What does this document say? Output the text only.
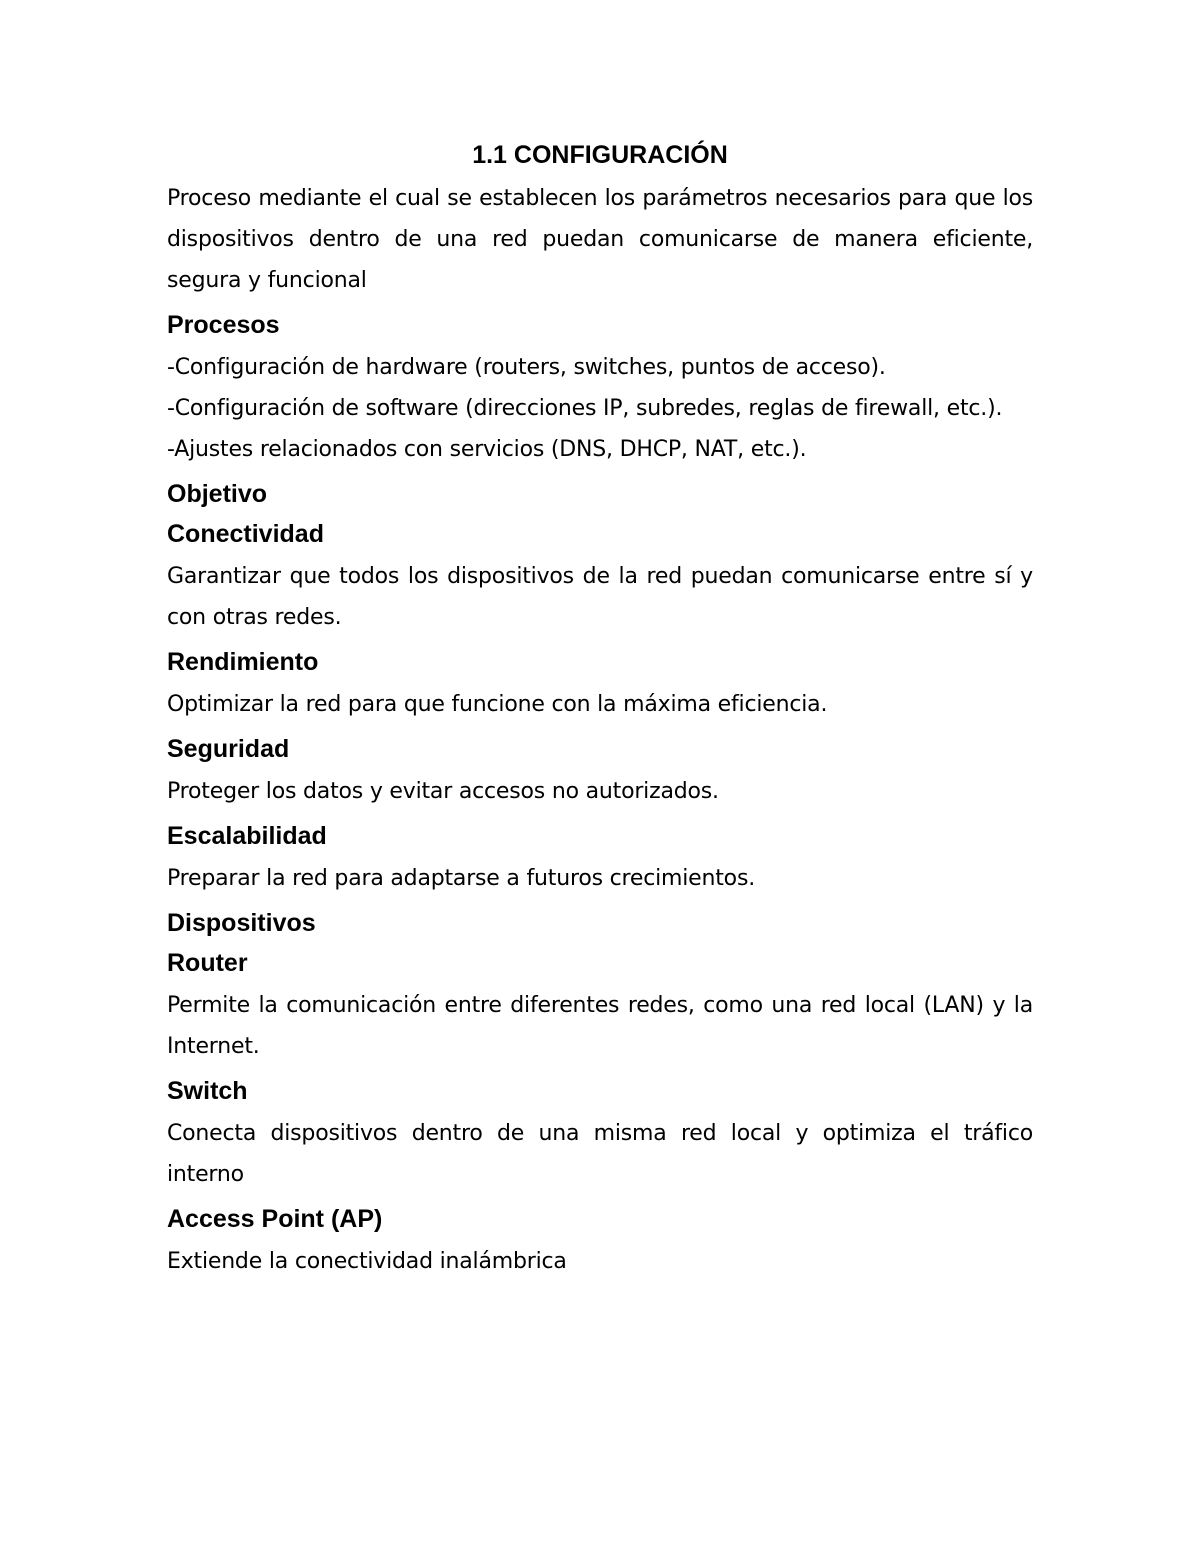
1.1 CONFIGURACIÓN

Proceso mediante el cual se establecen los parámetros necesarios para que los dispositivos dentro de una red puedan comunicarse de manera eficiente, segura y funcional

Procesos

-Configuración de hardware (routers, switches, puntos de acceso).

-Configuración de software (direcciones IP, subredes, reglas de firewall, etc.).

-Ajustes relacionados con servicios (DNS, DHCP, NAT, etc.).

Objetivo
Conectividad

Garantizar que todos los dispositivos de la red puedan comunicarse entre sí y con otras redes.

Rendimiento

Optimizar la red para que funcione con la máxima eficiencia.

Seguridad

Proteger los datos y evitar accesos no autorizados.

Escalabilidad

Preparar la red para adaptarse a futuros crecimientos.

Dispositivos
Router

Permite la comunicación entre diferentes redes, como una red local (LAN) y la Internet.

Switch

Conecta dispositivos dentro de una misma red local y optimiza el tráfico interno

Access Point (AP)

Extiende la conectividad inalámbrica
